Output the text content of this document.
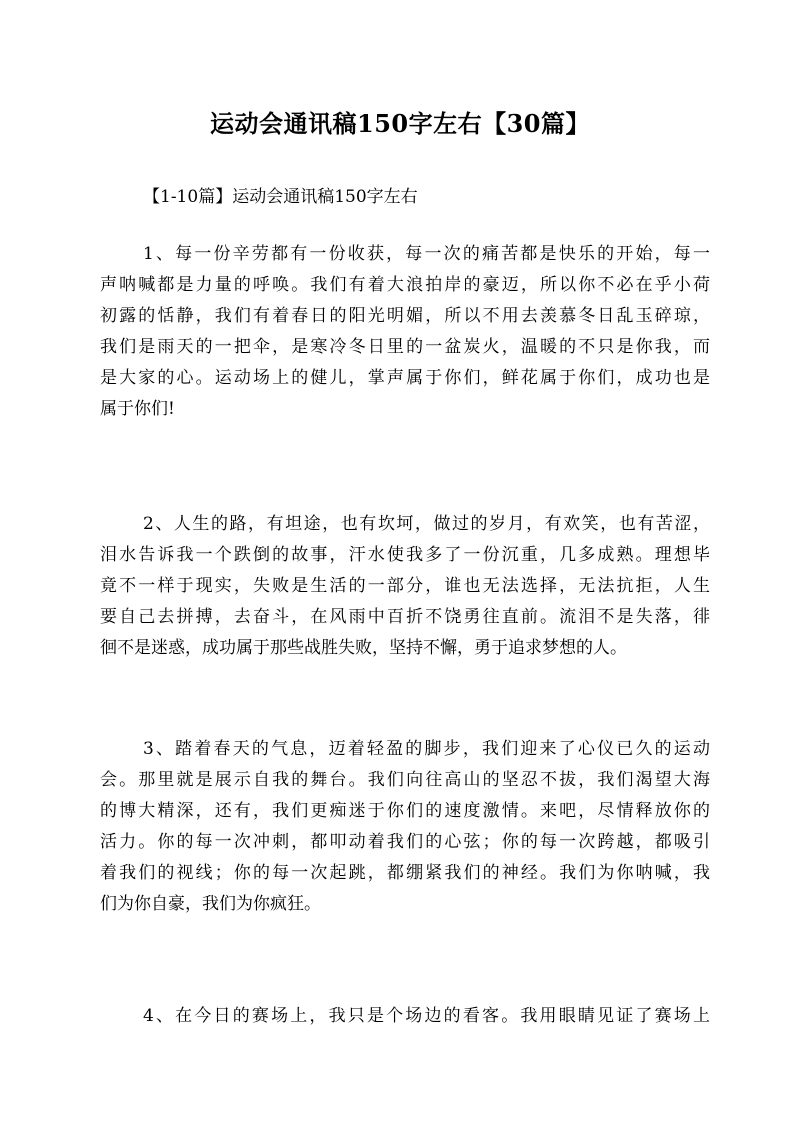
运动会通讯稿150字左右【30篇】
【1-10篇】运动会通讯稿150字左右
1、每一份辛劳都有一份收获，每一次的痛苦都是快乐的开始，每一
声呐喊都是力量的呼唤。我们有着大浪拍岸的豪迈，所以你不必在乎小荷
初露的恬静，我们有着春日的阳光明媚，所以不用去羡慕冬日乱玉碎琼，
我们是雨天的一把伞，是寒冷冬日里的一盆炭火，温暖的不只是你我，而
是大家的心。运动场上的健儿，掌声属于你们，鲜花属于你们，成功也是
属于你们!
2、人生的路，有坦途，也有坎坷，做过的岁月，有欢笑，也有苦涩，
泪水告诉我一个跌倒的故事，汗水使我多了一份沉重，几多成熟。理想毕
竟不一样于现实，失败是生活的一部分，谁也无法选择，无法抗拒，人生
要自己去拼搏，去奋斗，在风雨中百折不饶勇往直前。流泪不是失落，徘
徊不是迷惑，成功属于那些战胜失败，坚持不懈，勇于追求梦想的人。
3、踏着春天的气息，迈着轻盈的脚步，我们迎来了心仪已久的运动
会。那里就是展示自我的舞台。我们向往高山的坚忍不拔，我们渴望大海
的博大精深，还有，我们更痴迷于你们的速度激情。来吧，尽情释放你的
活力。你的每一次冲刺，都叩动着我们的心弦；你的每一次跨越，都吸引
着我们的视线；你的每一次起跳，都绷紧我们的神经。我们为你呐喊，我
们为你自豪，我们为你疯狂。
4、在今日的赛场上，我只是个场边的看客。我用眼睛见证了赛场上
